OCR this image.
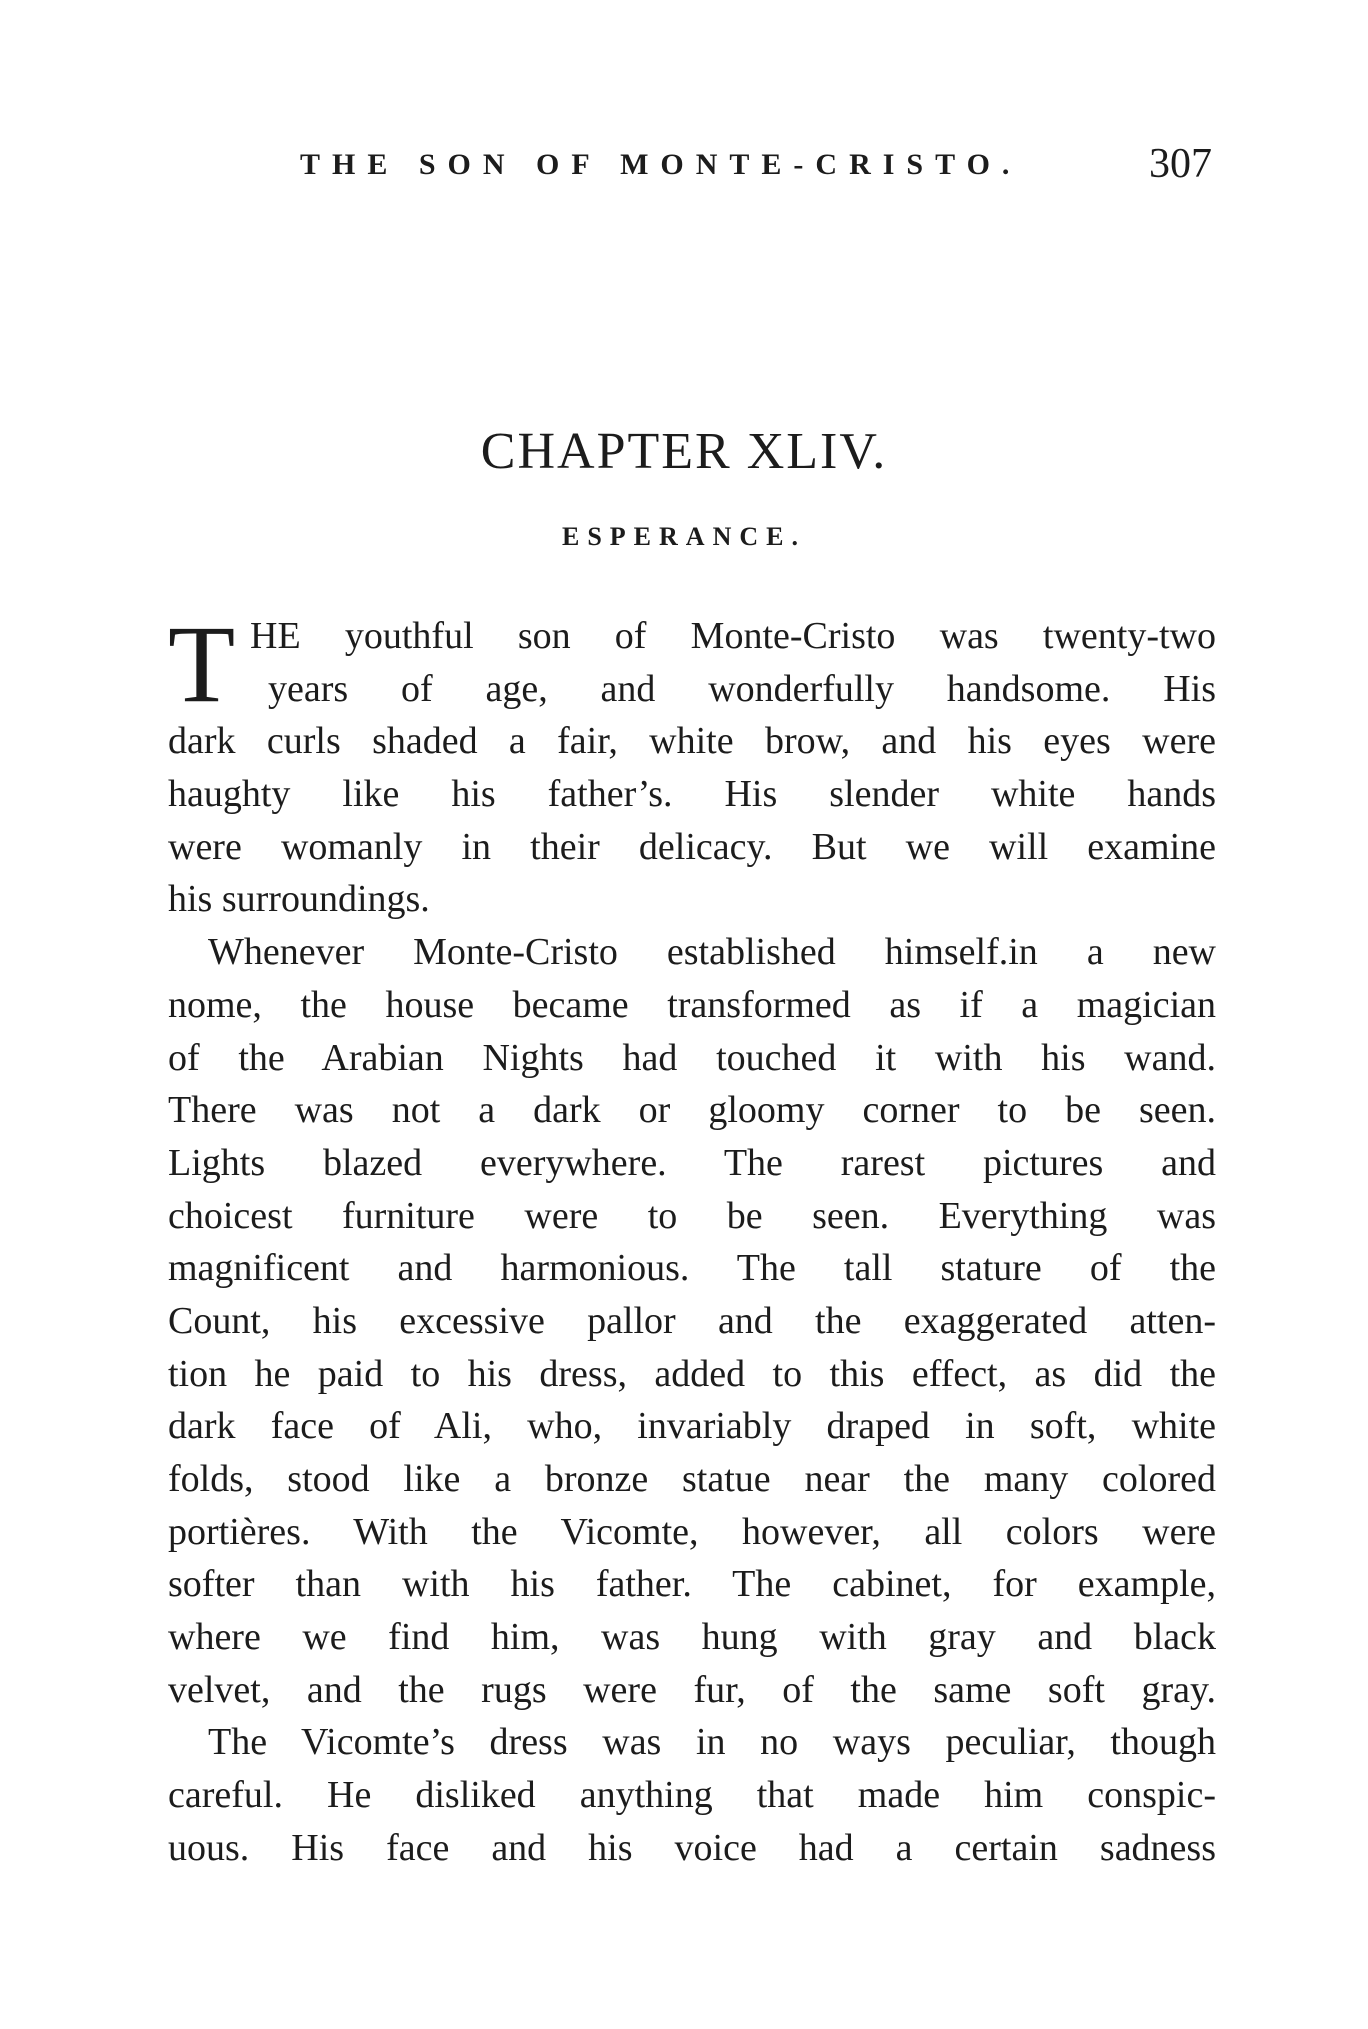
THE SON OF MONTE-CRISTO.	307
CHAPTER XLIV.
ESPERANCE.
T HE youthful son of Monte-Cristo was twenty-two
years of age, and wonderfully handsome. His
dark curls shaded a fair, white brow, and his eyes were
haughty like his father’s. His slender white hands
were womanly in their delicacy. But we will examine
his surroundings.
Whenever Monte-Cristo established himself.in a new
nome, the house became transformed as if a magician
of the Arabian Nights had touched it with his wand.
There was not a dark or gloomy corner to be seen.
Lights blazed everywhere. The rarest pictures and
choicest furniture were to be seen. Everything was
magnificent and harmonious. The tall stature of the
Count, his excessive pallor and the exaggerated atten-
tion he paid to his dress, added to this effect, as did the
dark face of Ali, who, invariably draped in soft, white
folds, stood like a bronze statue near the many colored
portières. With the Vicomte, however, all colors were
softer than with his father. The cabinet, for example,
where we find him, was hung with gray and black
velvet, and the rugs were fur, of the same soft gray.
The Vicomte’s dress was in no ways peculiar, though
careful. He disliked anything that made him conspic-
uous. His face and his voice had a certain sadness
